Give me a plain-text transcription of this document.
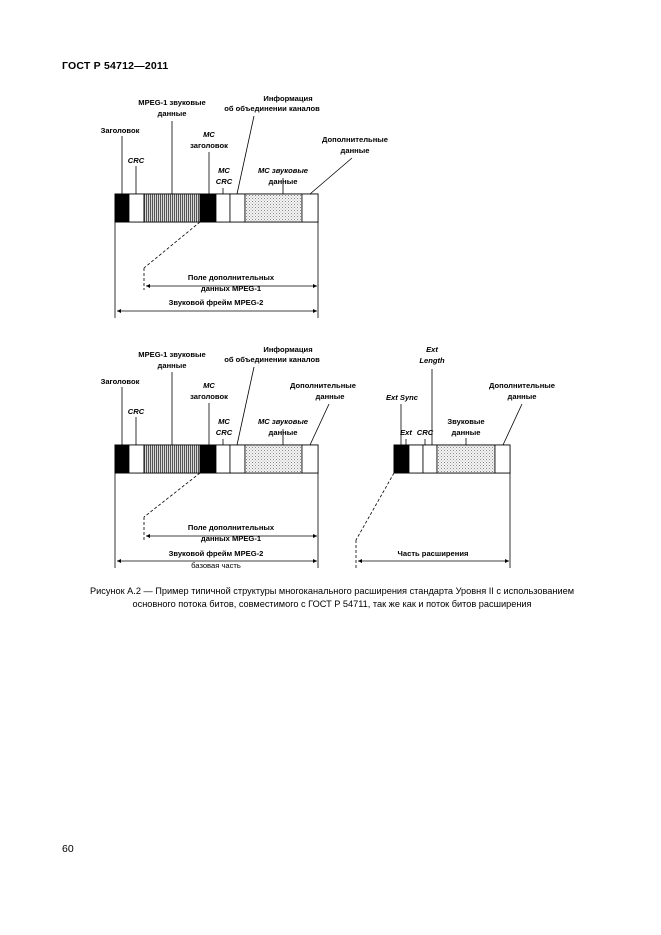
ГОСТ Р 54712—2011
MPEG-1 звуковые
данные
Информация
об объединении каналов
Заголовок	MC
заголовок
Дополнительные
данные
CRC
MC
CRC
MC звуковые
данные
Поле дополнительных
данных MPEG-1
Звуковой фрейм MPEG-2
MPEG-1 звуковые
данные
Информация
об объединении каналов
Заголовок	MC
заголовок
Дополнительные
данные
CRC
MC
CRC
MC звуковые
данные
Поле дополнительных
данных MPEG-1
Звуковой фрейм MPEG-2
базовая часть
Ext
Length
Ext Sync
Дополнительные
данные
Звуковые
данные
Ext CRC
Часть расширения
Рисунок А.2 — Пример типичной структуры многоканального расширения стандарта Уровня II с использованием
основного потока битов, совместимого с ГОСТ Р 54711, так же как и поток битов расширения
60
